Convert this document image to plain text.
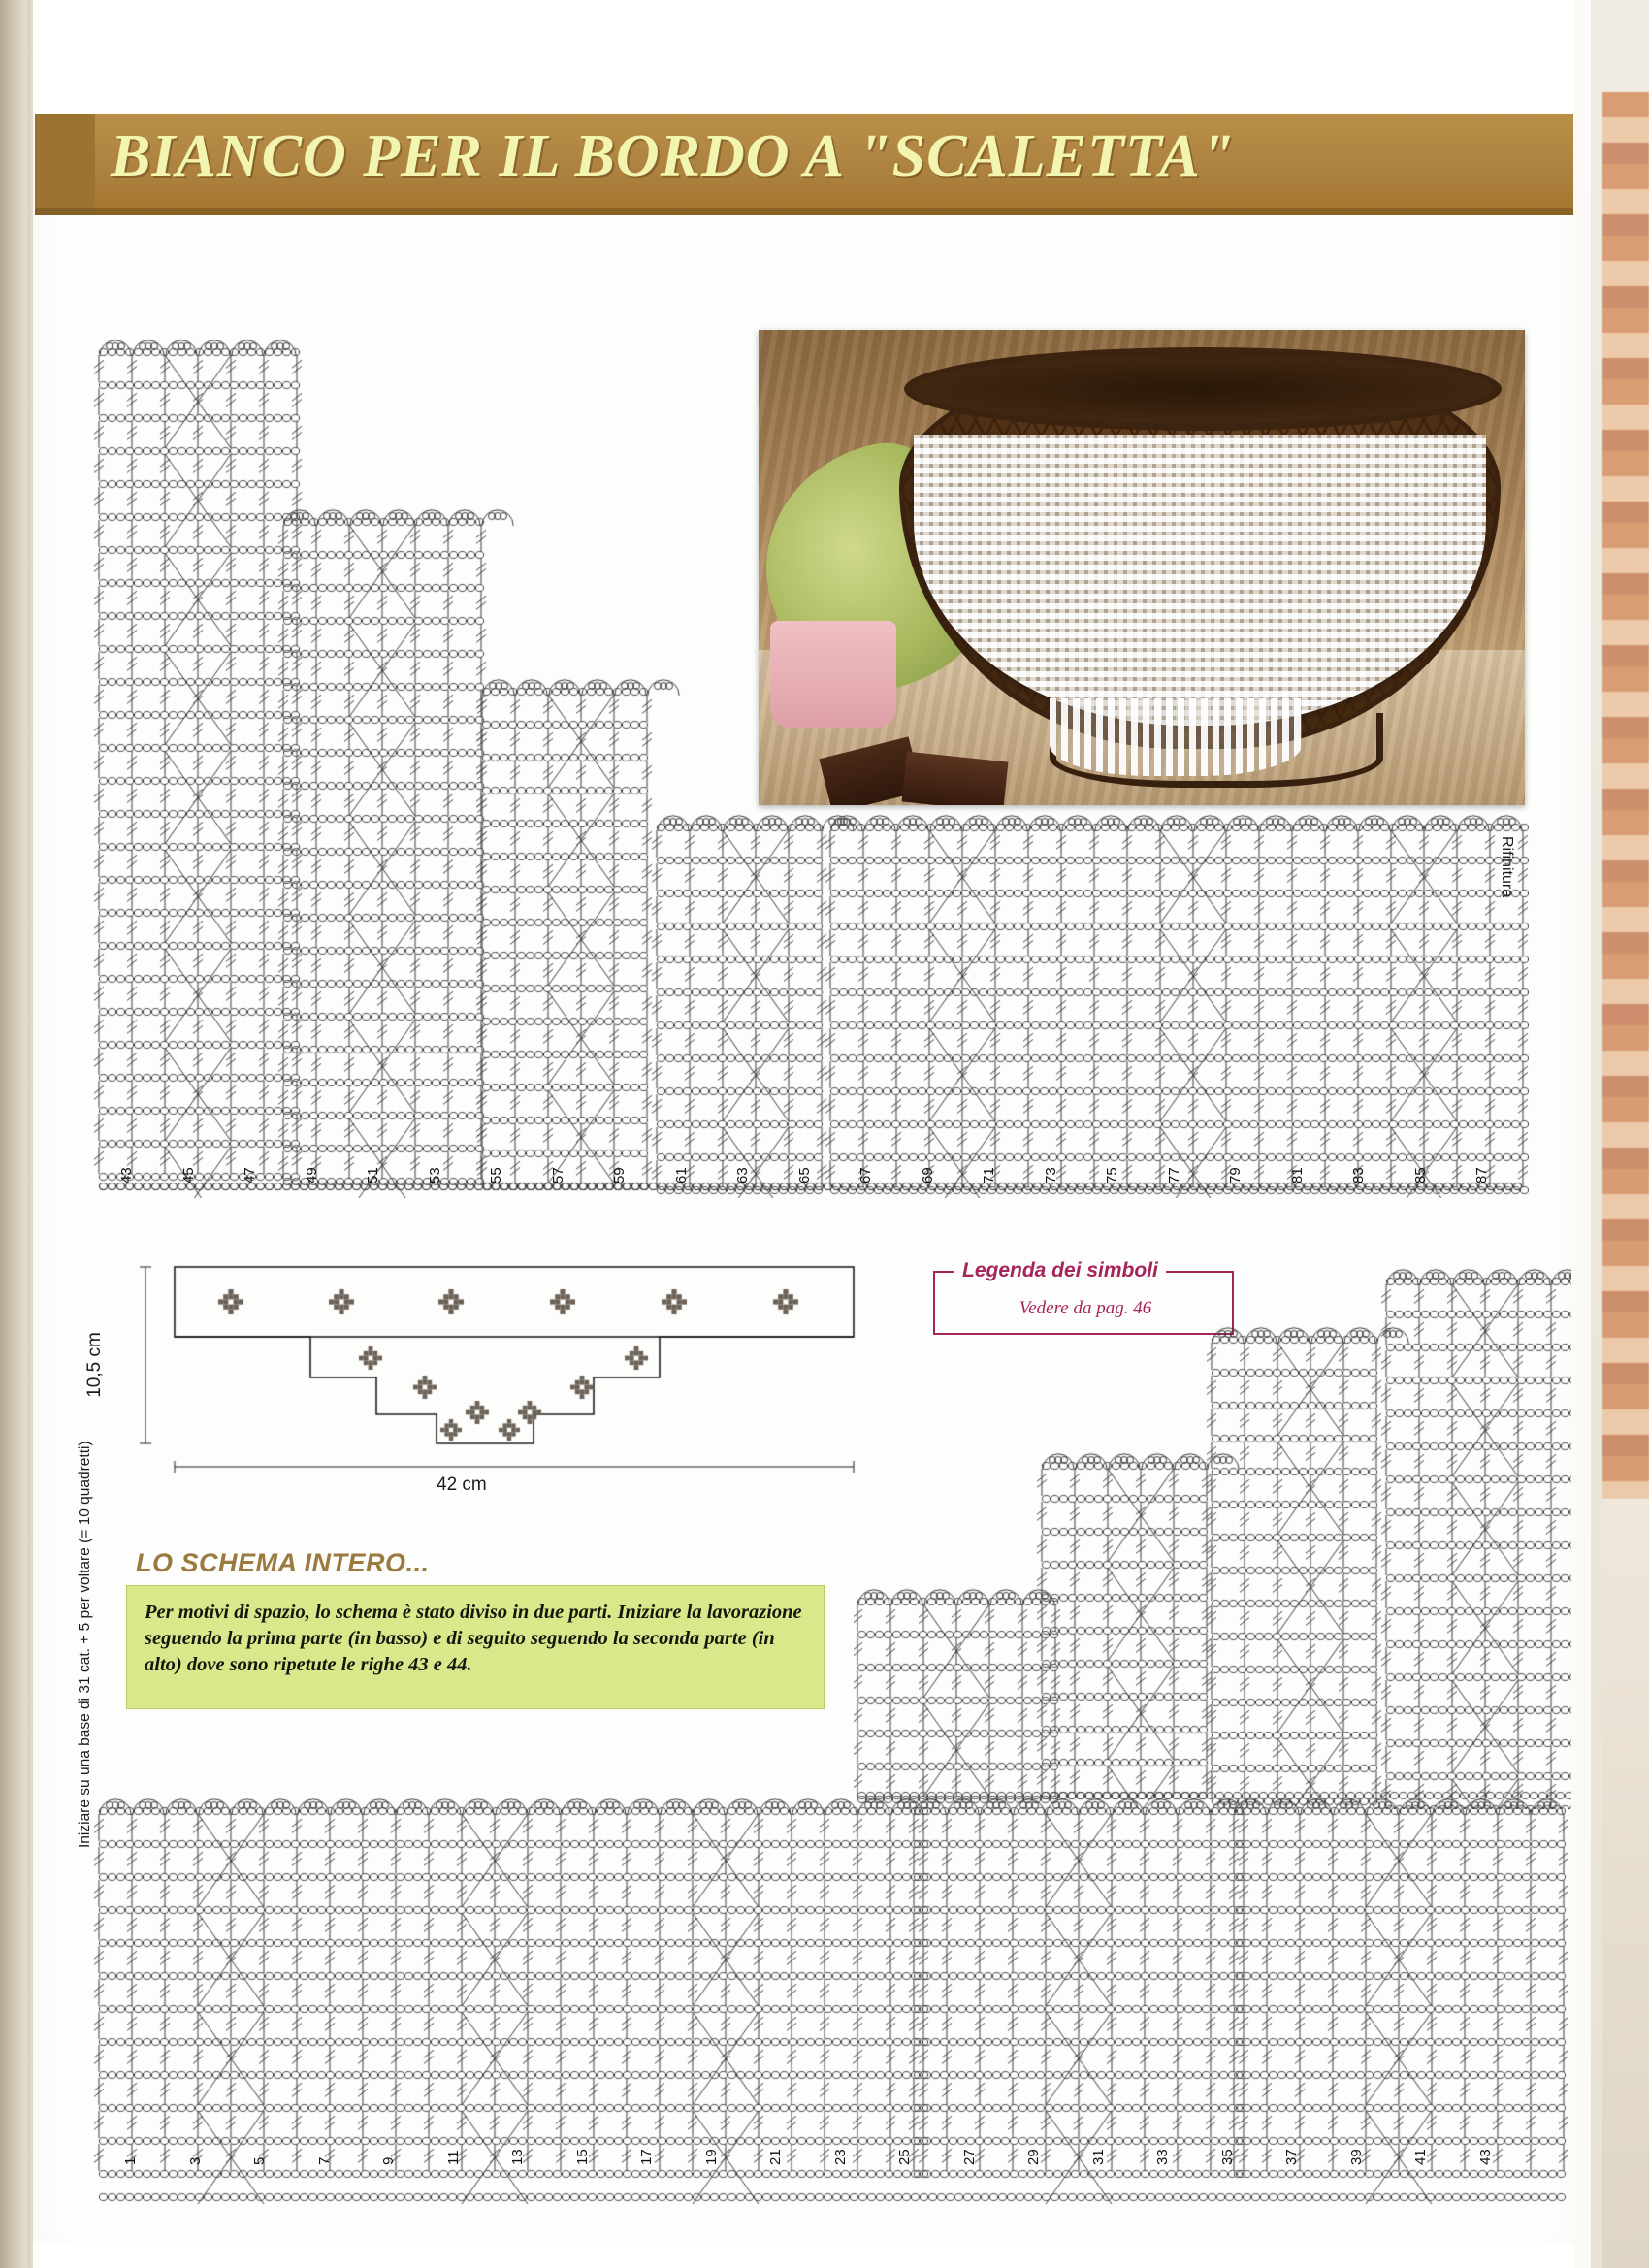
BIANCO PER IL BORDO A "SCALETTA"
Rifinitura
43	45	47	49	51	53	55	57	59	61	63	65	67	69	71	73	75	77	79	81	83	85	87
10,5 cm
42 cm
LO SCHEMA INTERO...

Per motivi di spazio, lo schema è stato diviso in due parti. Iniziare la lavorazione seguendo la prima parte (in basso) e di seguito seguendo la seconda parte (in alto) dove sono ripetute le righe 43 e 44.

Iniziare su una base di 31 cat. + 5 per voltare (= 10 quadretti)
1	3	5	7	9	11	13	15	17	19	21	23	25	27	29	31	33	35	37	39	41	43
